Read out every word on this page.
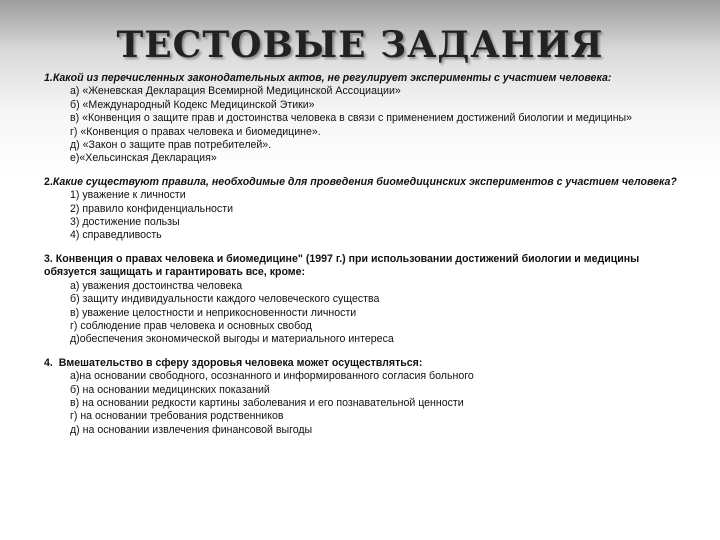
ТЕСТОВЫЕ ЗАДАНИЯ

1.Какой из перечисленных законодательных актов, не регулирует эксперименты с участием человека:

а) «Женевская Декларация Всемирной Медицинской Ассоциации»
б) «Международный Кодекс Медицинской Этики»
в) «Конвенция о защите прав и достоинства человека в связи с применением достижений биологии и медицины»
г) «Конвенция о правах человека и биомедицине».
д) «Закон о защите прав потребителей».
е)«Хельсинская Декларация»

2.Какие существуют правила, необходимые для проведения биомедицинских экспериментов с участием человека?

1) уважение к личности
2) правило конфиденциальности
3) достижение пользы
4) справедливость

3. Конвенция о правах человека и биомедицине" (1997 г.) при использовании достижений биологии и медицины обязуется защищать и гарантировать все, кроме:

а) уважения достоинства человека
б) защиту индивидуальности каждого человеческого существа
в) уважение целостности и неприкосновенности личности
г) соблюдение прав человека и основных свобод
д)обеспечения экономической выгоды и материального интереса

4. Вмешательство в сферу здоровья человека может осуществляться:

а)на основании свободного, осознанного и информированного согласия больного
б) на основании медицинских показаний
в) на основании редкости картины заболевания и его познавательной ценности
г) на основании требования родственников
д) на основании извлечения финансовой выгоды
